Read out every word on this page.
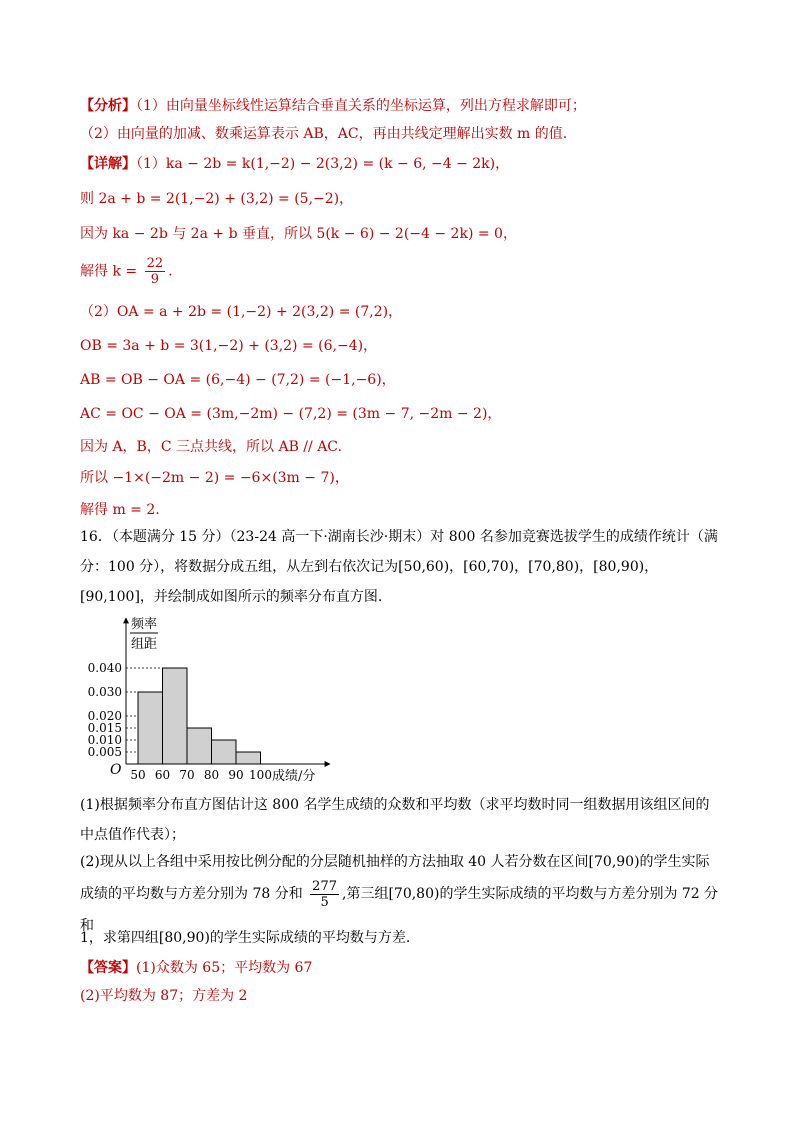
【分析】（1）由向量坐标线性运算结合垂直关系的坐标运算，列出方程求解即可；
（2）由向量的加减、数乘运算表示 AB，AC，再由共线定理解出实数 m 的值.
【详解】（1）ka − 2b = k(1,−2) − 2(3,2) = (k − 6, −4 − 2k)，
则 2a + b = 2(1,−2) + (3,2) = (5,−2)，
因为 ka − 2b 与 2a + b 垂直，所以 5(k − 6) − 2(−4 − 2k) = 0，
解得 $k = \frac{22}{9}$ .
（2）OA = a + 2b = (1,−2) + 2(3,2) = (7,2)，
OB = 3a + b = 3(1,−2) + (3,2) = (6,−4)，
AB = OB − OA = (6,−4) − (7,2) = (−1,−6)，
AC = OC − OA = (3m,−2m) − (7,2) = (3m − 7, −2m − 2)，
因为 A，B，C 三点共线，所以 AB // AC.
所以 −1×(−2m − 2) = −6×(3m − 7)，
解得 m = 2.
16．（本题满分 15 分）（23-24 高一下·湖南长沙·期末）对 800 名参加竞赛选拔学生的成绩作统计（满分：100 分），将数据分成五组，从左到右依次记为[50,60)，[60,70)，[70,80)，[80,90)，[90,100]，并绘制成如图所示的频率分布直方图.
频率
组距
O	成绩/分
0.040
0.030
0.020
0.015
0.010
0.005
50 60 70 80 90 100
(1)根据频率分布直方图估计这 800 名学生成绩的众数和平均数（求平均数时同一组数据用该组区间的中点值作代表）；
(2)现从以上各组中采用按比例分配的分层随机抽样的方法抽取 40 人若分数在区间[70,90)的学生实际成绩的平均数与方差分别为 78 分和 $\frac{277}{5}$ ,第三组[70,80)的学生实际成绩的平均数与方差分别为 72 分和
1，求第四组[80,90)的学生实际成绩的平均数与方差.
【答案】(1)众数为 65；平均数为 67
(2)平均数为 87；方差为 2
